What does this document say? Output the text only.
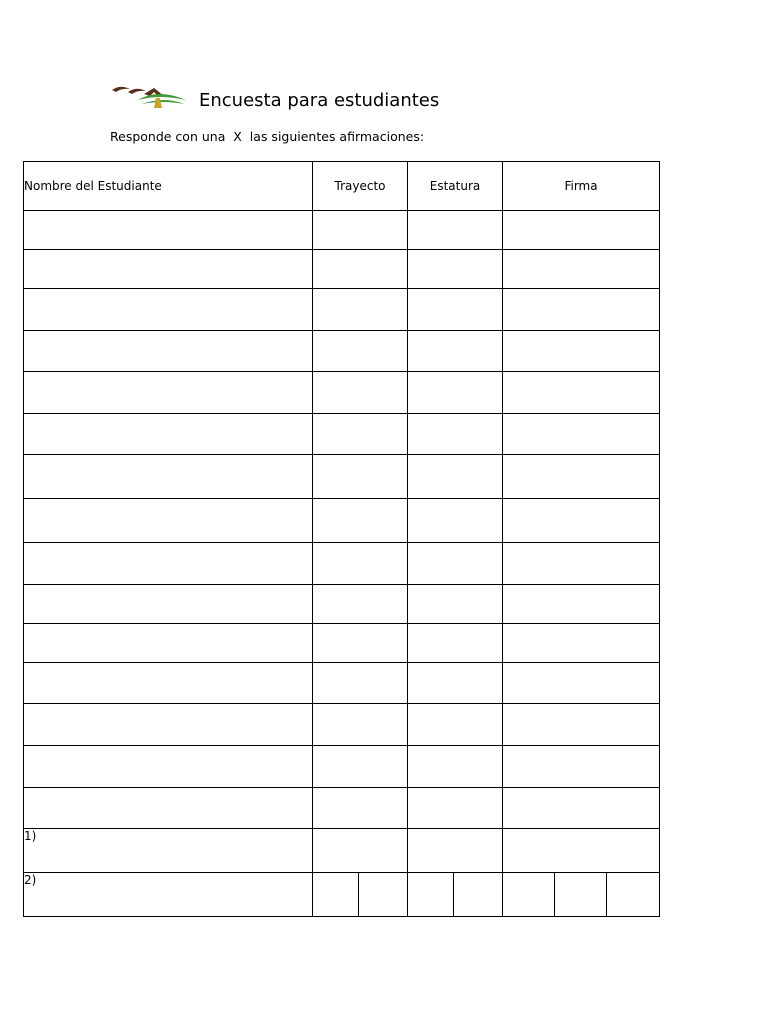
Encuesta para estudiantes
Responde con una  X  las siguientes afirmaciones:
Nombre del Estudiante	Trayecto		Estatura		Firma		

1)							
2)							
